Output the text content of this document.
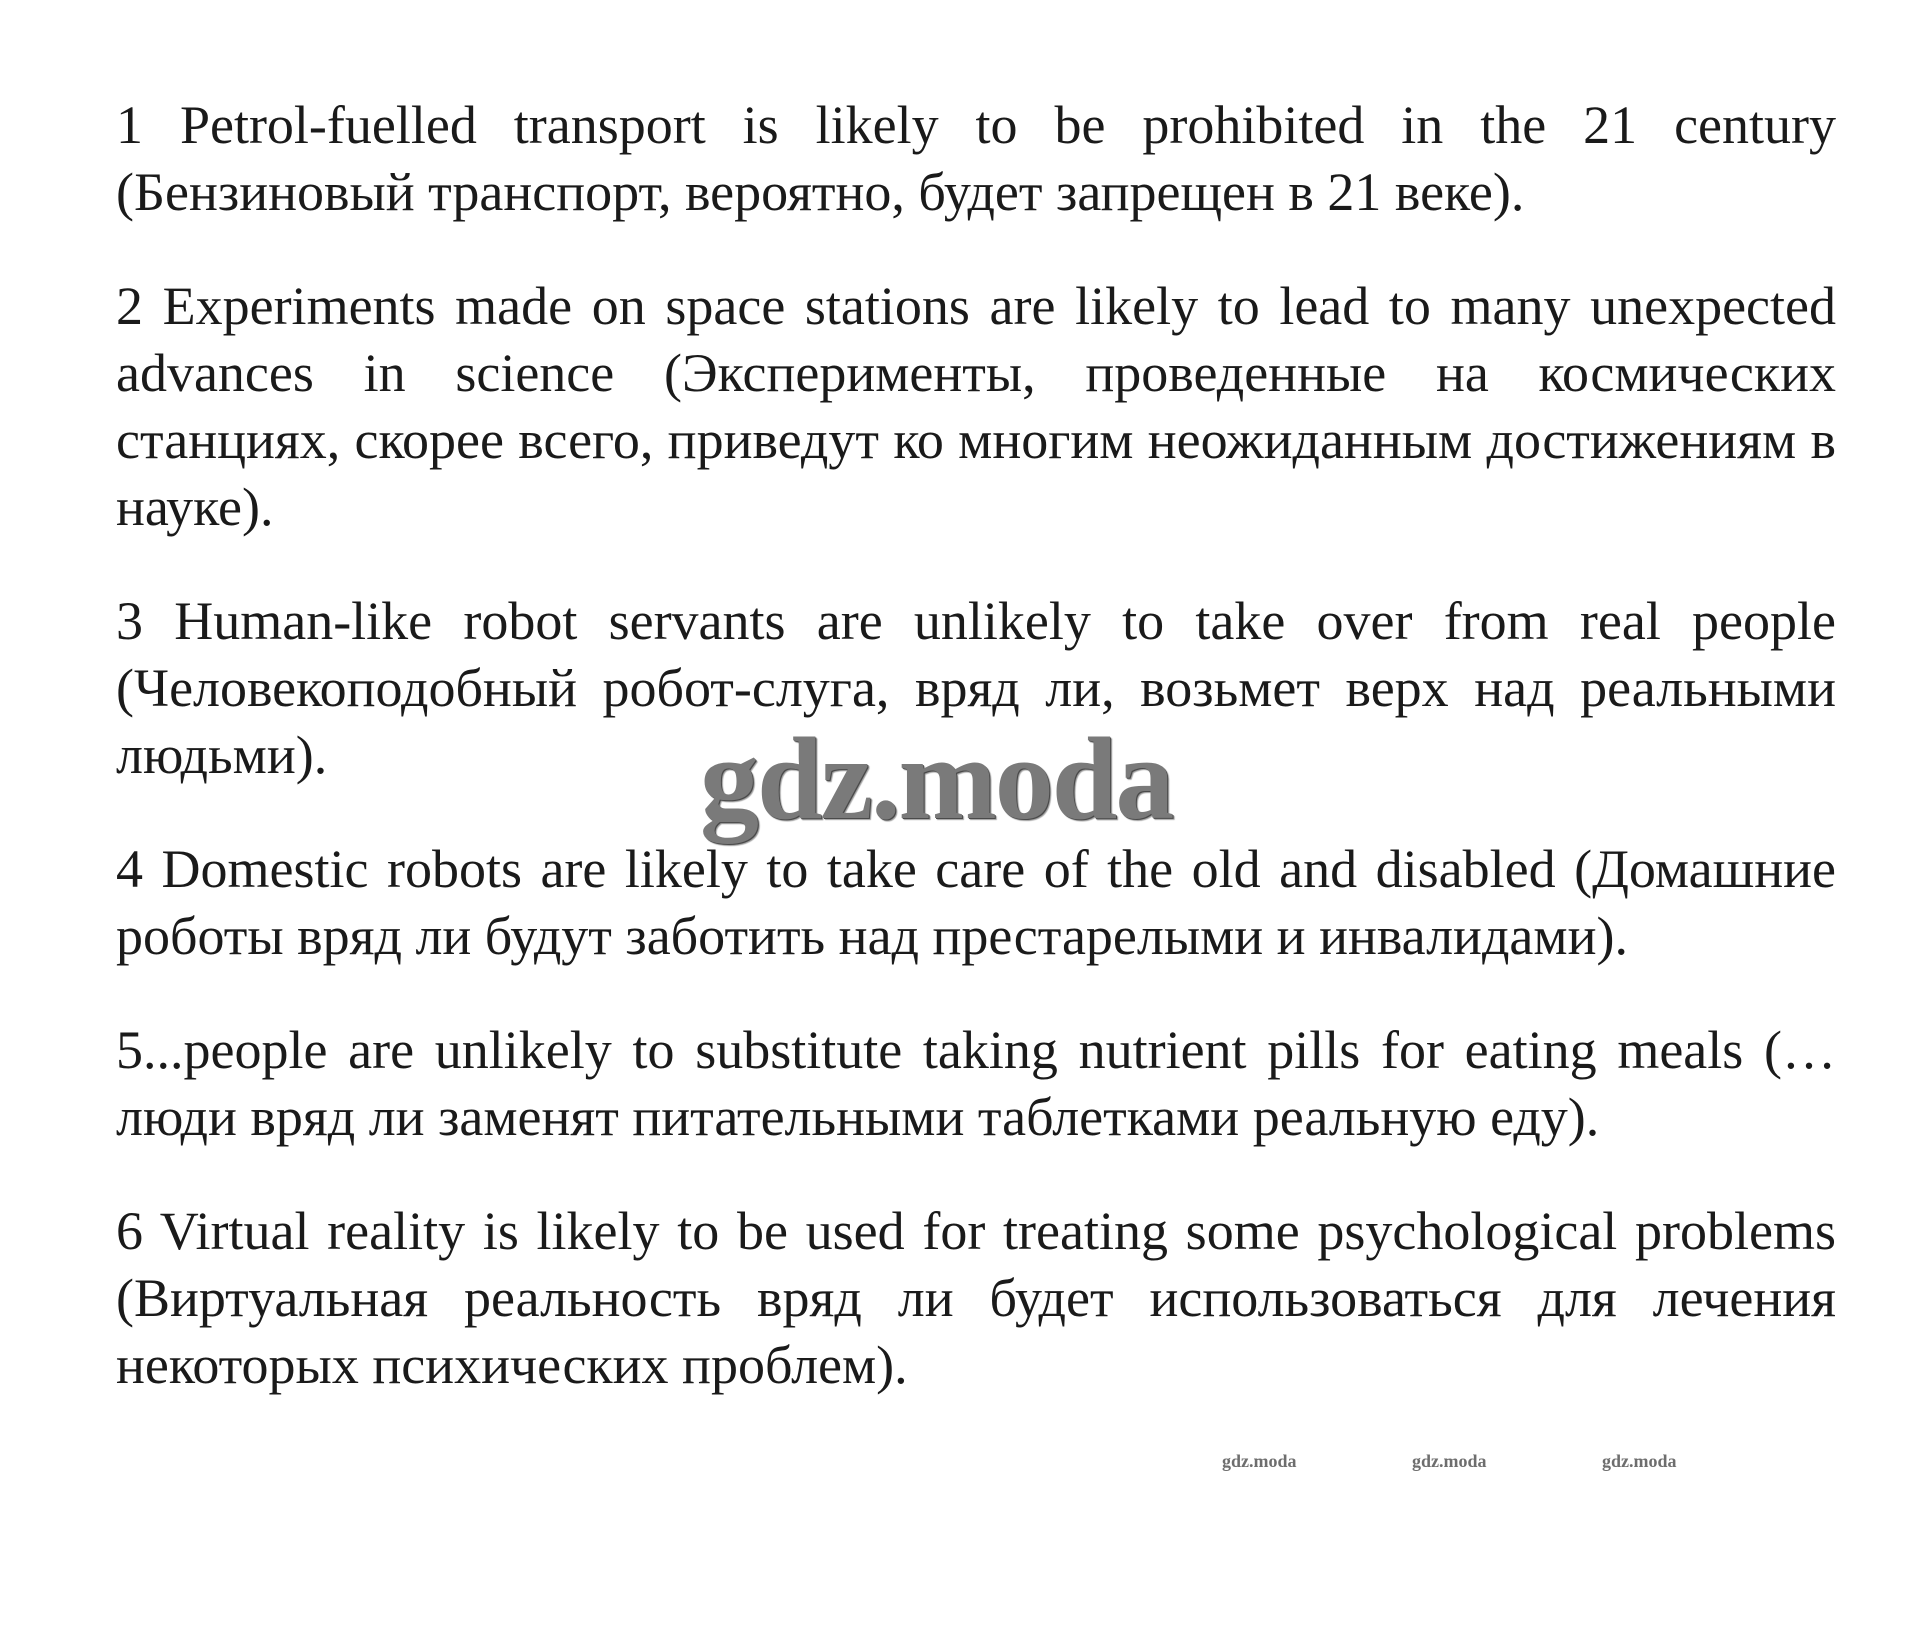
1 Petrol-fuelled transport is likely to be prohibited in the 21 century (Бензиновый транспорт, вероятно, будет запрещен в 21 веке).

2 Experiments made on space stations are likely to lead to many unexpected advances in science (Эксперименты, проведенные на космических станциях, скорее всего, приведут ко многим неожиданным достижениям в науке).

3 Human-like robot servants are unlikely to take over from real people (Человекоподобный робот-слуга, вряд ли, возьмет верх над реальными людьми).

4 Domestic robots are likely to take care of the old and disabled (Домашние роботы вряд ли будут заботить над престарелыми и инвалидами).

5...people are unlikely to substitute taking nutrient pills for eating meals (…люди вряд ли заменят питательными таблетками реальную еду).

6 Virtual reality is likely to be used for treating some psychological problems (Виртуальная реальность вряд ли будет использоваться для лечения некоторых психических проблем).

gdz.moda
gdz.moda	gdz.moda	gdz.moda
